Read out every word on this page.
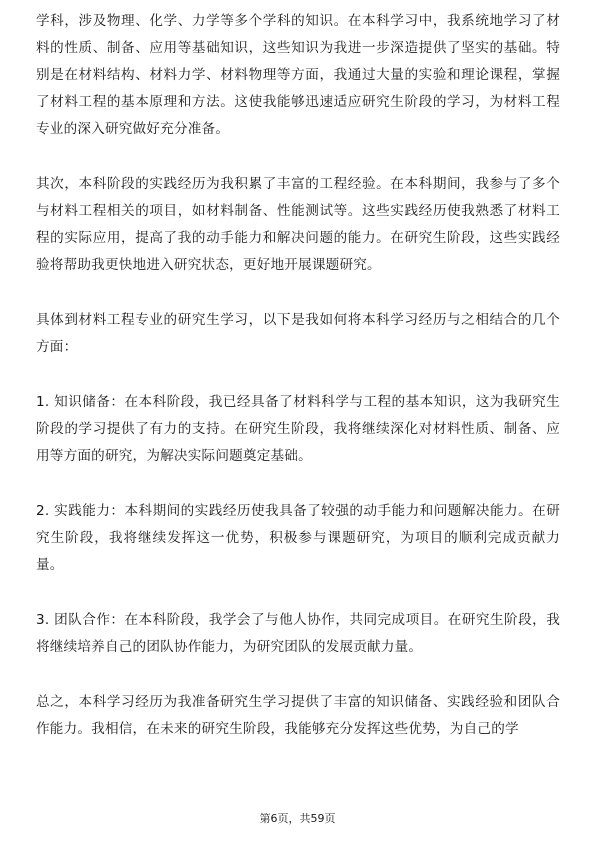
学科，涉及物理、化学、力学等多个学科的知识。在本科学习中，我系统地学习了材料的性质、制备、应用等基础知识，这些知识为我进一步深造提供了坚实的基础。特别是在材料结构、材料力学、材料物理等方面，我通过大量的实验和理论课程，掌握了材料工程的基本原理和方法。这使我能够迅速适应研究生阶段的学习，为材料工程专业的深入研究做好充分准备。

其次，本科阶段的实践经历为我积累了丰富的工程经验。在本科期间，我参与了多个与材料工程相关的项目，如材料制备、性能测试等。这些实践经历使我熟悉了材料工程的实际应用，提高了我的动手能力和解决问题的能力。在研究生阶段，这些实践经验将帮助我更快地进入研究状态，更好地开展课题研究。

具体到材料工程专业的研究生学习，以下是我如何将本科学习经历与之相结合的几个方面：

1. 知识储备：在本科阶段，我已经具备了材料科学与工程的基本知识，这为我研究生阶段的学习提供了有力的支持。在研究生阶段，我将继续深化对材料性质、制备、应用等方面的研究，为解决实际问题奠定基础。

2. 实践能力：本科期间的实践经历使我具备了较强的动手能力和问题解决能力。在研究生阶段，我将继续发挥这一优势，积极参与课题研究，为项目的顺利完成贡献力量。

3. 团队合作：在本科阶段，我学会了与他人协作，共同完成项目。在研究生阶段，我将继续培养自己的团队协作能力，为研究团队的发展贡献力量。

总之，本科学习经历为我准备研究生学习提供了丰富的知识储备、实践经验和团队合作能力。我相信，在未来的研究生阶段，我能够充分发挥这些优势，为自己的学

第6页，共59页
